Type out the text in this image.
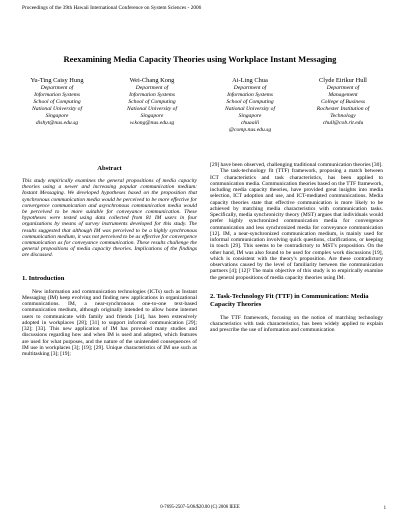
Proceedings of the 39th Hawaii International Conference on System Sciences - 2006
Reexamining Media Capacity Theories using Workplace Instant Messaging
Yu-Ting Caisy Hung
Department of
Information Systems
School of Computing
National University of
Singapore
dishyt@nus.edu.sg
Wei-Chang Kong
Department of
Information Systems
School of Computing
National University of
Singapore
w.kong@nus.edu.sg
Ai-Ling Chua
Department of
Information Systems
School of Computing
National University of
Singapore
chuaaili
@comp.nus.edu.sg
Clyde Eirikur Hull
Department of
Management
College of Business
Rochester Institution of
Technology
chull@cob.rit.edu
Abstract

This study empirically examines the general propositions of media capacity theories using a newer and increasing popular communication medium: Instant Messaging. We developed hypotheses based on the proposition that synchronous communication media would be perceived to be more effective for convergence communication and asynchronous communication media would be perceived to be more suitable for conveyance communication. These hypotheses were tested using data collected from 81 IM users in four organizations by means of survey instruments developed for this study. The results suggested that although IM was perceived to be a highly synchronous communication medium, it was not perceived to be as effective for convergence communication as for conveyance communication. These results challenge the general propositions of media capacity theories. Implications of the findings are discussed.

1. Introduction

New information and communication technologies (ICTs) such as Instant Messaging (IM) keep evolving and finding new applications in organizational communications. IM, a near-synchronous one-to-one text-based communication medium, although originally intended to allow home internet users to communicate with family and friends [14], has been extensively adopted in workplaces [28]; [31] to support informal communication [29]; [32]; [33]. This new application of IM has provoked many studies and discussions regarding how and when IM is used and adopted, which features are used for what purposes, and the nature of the unintended consequences of IM use in workplaces [3]; [19]; [29]. Unique characteristics of IM use such as multitasking [3]; [19];

[29] have been observed, challenging traditional communication theories [30].

The task-technology fit (TTF) framework, proposing a match between ICT characteristics and task characteristics, has been applied to communication media. Communication theories based on the TTF framework, including media capacity theories, have provided great insights into media selection, ICT adoption and use, and ICT-mediated communications. Media capacity theories state that effective communication is more likely to be achieved by matching media characteristics with communication tasks. Specifically, media synchronicity theory (MST) argues that individuals would prefer highly synchronized communication media for convergence communication and less synchronized media for conveyance communication [12]. IM, a near-synchronized communication medium, is mainly used for informal communication involving quick questions, clarifications, or keeping in touch [29]. This seems to be contradictory to MST's proposition. On the other hand, IM was also found to be used for complex work discussions [19], which is consistent with the theory's proposition. Are these contradictory observations caused by the level of familiarity between the communication partners [4]; [12]? The main objective of this study is to empirically examine the general propositions of media capacity theories using IM.

2. Task-Technology Fit (TTF) in Communication: Media Capacity Theories

The TTF framework, focusing on the notion of matching technology characteristics with task characteristics, has been widely applied to explain and prescribe the use of information and communication

0-7695-2507-5/06/$20.00 (C) 2006 IEEE	1
